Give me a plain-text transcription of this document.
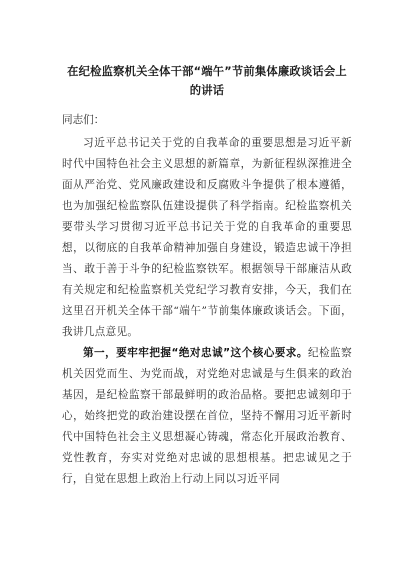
在纪检监察机关全体干部“端午”节前集体廉政谈话会上
的讲话

同志们：

习近平总书记关于党的自我革命的重要思想是习近平新时代中国特色社会主义思想的新篇章，为新征程纵深推进全面从严治党、党风廉政建设和反腐败斗争提供了根本遵循，也为加强纪检监察队伍建设提供了科学指南。纪检监察机关要带头学习贯彻习近平总书记关于党的自我革命的重要思想，以彻底的自我革命精神加强自身建设，锻造忠诚干净担当、敢于善于斗争的纪检监察铁军。根据领导干部廉洁从政有关规定和纪检监察机关党纪学习教育安排，今天，我们在这里召开机关全体干部“端午”节前集体廉政谈话会。下面，我讲几点意见。

第一，要牢牢把握“绝对忠诚”这个核心要求。纪检监察机关因党而生、为党而战，对党绝对忠诚是与生俱来的政治基因，是纪检监察干部最鲜明的政治品格。要把忠诚刻印于心，始终把党的政治建设摆在首位，坚持不懈用习近平新时代中国特色社会主义思想凝心铸魂，常态化开展政治教育、党性教育，夯实对党绝对忠诚的思想根基。把忠诚见之于行，自觉在思想上政治上行动上同以习近平同
